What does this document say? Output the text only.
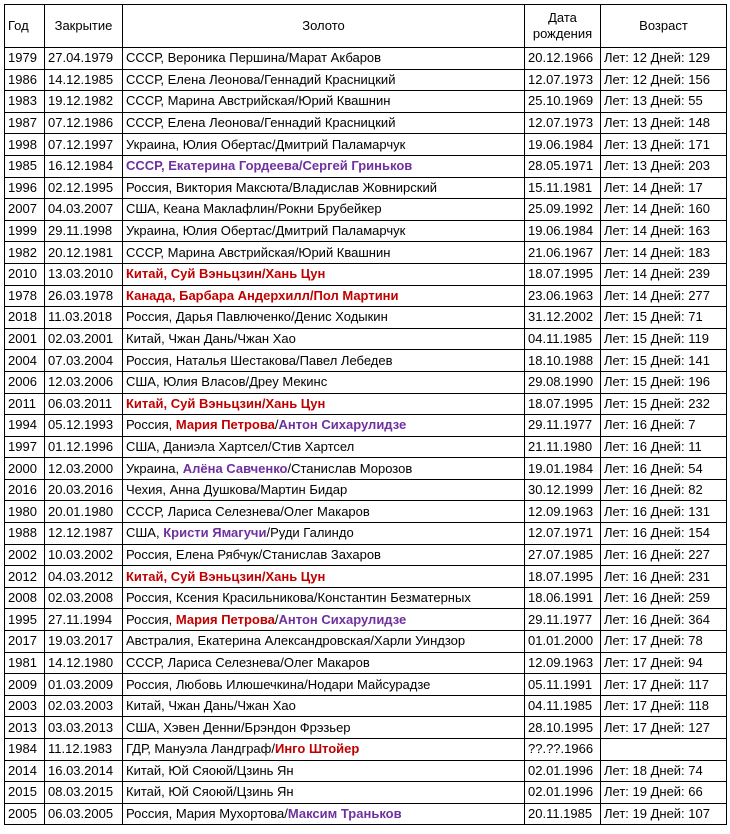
Год	Закрытие	Золото	Дата рождения	Возраст
1979	27.04.1979	СССР, Вероника Першина/Марат Акбаров	20.12.1966	Лет: 12 Дней: 129
1986	14.12.1985	СССР, Елена Леонова/Геннадий Красницкий	12.07.1973	Лет: 12 Дней: 156
1983	19.12.1982	СССР, Марина Австрийская/Юрий Квашнин	25.10.1969	Лет: 13 Дней: 55
1987	07.12.1986	СССР, Елена Леонова/Геннадий Красницкий	12.07.1973	Лет: 13 Дней: 148
1998	07.12.1997	Украина, Юлия Обертас/Дмитрий Паламарчук	19.06.1984	Лет: 13 Дней: 171
1985	16.12.1984	СССР, Екатерина Гордеева/Сергей Гриньков	28.05.1971	Лет: 13 Дней: 203
1996	02.12.1995	Россия, Виктория Максюта/Владислав Жовнирский	15.11.1981	Лет: 14 Дней: 17
2007	04.03.2007	США, Кеана Маклафлин/Рокни Брубейкер	25.09.1992	Лет: 14 Дней: 160
1999	29.11.1998	Украина, Юлия Обертас/Дмитрий Паламарчук	19.06.1984	Лет: 14 Дней: 163
1982	20.12.1981	СССР, Марина Австрийская/Юрий Квашнин	21.06.1967	Лет: 14 Дней: 183
2010	13.03.2010	Китай, Суй Вэньцзин/Хань Цун	18.07.1995	Лет: 14 Дней: 239
1978	26.03.1978	Канада, Барбара Андерхилл/Пол Мартини	23.06.1963	Лет: 14 Дней: 277
2018	11.03.2018	Россия, Дарья Павлюченко/Денис Ходыкин	31.12.2002	Лет: 15 Дней: 71
2001	02.03.2001	Китай, Чжан Дань/Чжан Хао	04.11.1985	Лет: 15 Дней: 119
2004	07.03.2004	Россия, Наталья Шестакова/Павел Лебедев	18.10.1988	Лет: 15 Дней: 141
2006	12.03.2006	США, Юлия Власов/Дреу Мекинс	29.08.1990	Лет: 15 Дней: 196
2011	06.03.2011	Китай, Суй Вэньцзин/Хань Цун	18.07.1995	Лет: 15 Дней: 232
1994	05.12.1993	Россия, Мария Петрова/Антон Сихарулидзе	29.11.1977	Лет: 16 Дней: 7
1997	01.12.1996	США, Даниэла Хартсел/Стив Хартсел	21.11.1980	Лет: 16 Дней: 11
2000	12.03.2000	Украина, Алёна Савченко/Станислав Морозов	19.01.1984	Лет: 16 Дней: 54
2016	20.03.2016	Чехия, Анна Душкова/Мартин Бидар	30.12.1999	Лет: 16 Дней: 82
1980	20.01.1980	СССР, Лариса Селезнева/Олег Макаров	12.09.1963	Лет: 16 Дней: 131
1988	12.12.1987	США, Кристи Ямагучи/Руди Галиндо	12.07.1971	Лет: 16 Дней: 154
2002	10.03.2002	Россия, Елена Рябчук/Станислав Захаров	27.07.1985	Лет: 16 Дней: 227
2012	04.03.2012	Китай, Суй Вэньцзин/Хань Цун	18.07.1995	Лет: 16 Дней: 231
2008	02.03.2008	Россия, Ксения Красильникова/Константин Безматерных	18.06.1991	Лет: 16 Дней: 259
1995	27.11.1994	Россия, Мария Петрова/Антон Сихарулидзе	29.11.1977	Лет: 16 Дней: 364
2017	19.03.2017	Австралия, Екатерина Александровская/Харли Уиндзор	01.01.2000	Лет: 17 Дней: 78
1981	14.12.1980	СССР, Лариса Селезнева/Олег Макаров	12.09.1963	Лет: 17 Дней: 94
2009	01.03.2009	Россия, Любовь Илюшечкина/Нодари Майсурадзе	05.11.1991	Лет: 17 Дней: 117
2003	02.03.2003	Китай, Чжан Дань/Чжан Хао	04.11.1985	Лет: 17 Дней: 118
2013	03.03.2013	США, Хэвен Денни/Брэндон Фрэзьер	28.10.1995	Лет: 17 Дней: 127
1984	11.12.1983	ГДР, Мануэла Ландграф/Инго Штойер	??.??.1966	
2014	16.03.2014	Китай, Юй Сяоюй/Цзинь Ян	02.01.1996	Лет: 18 Дней: 74
2015	08.03.2015	Китай, Юй Сяоюй/Цзинь Ян	02.01.1996	Лет: 19 Дней: 66
2005	06.03.2005	Россия, Мария Мухортова/Максим Траньков	20.11.1985	Лет: 19 Дней: 107
